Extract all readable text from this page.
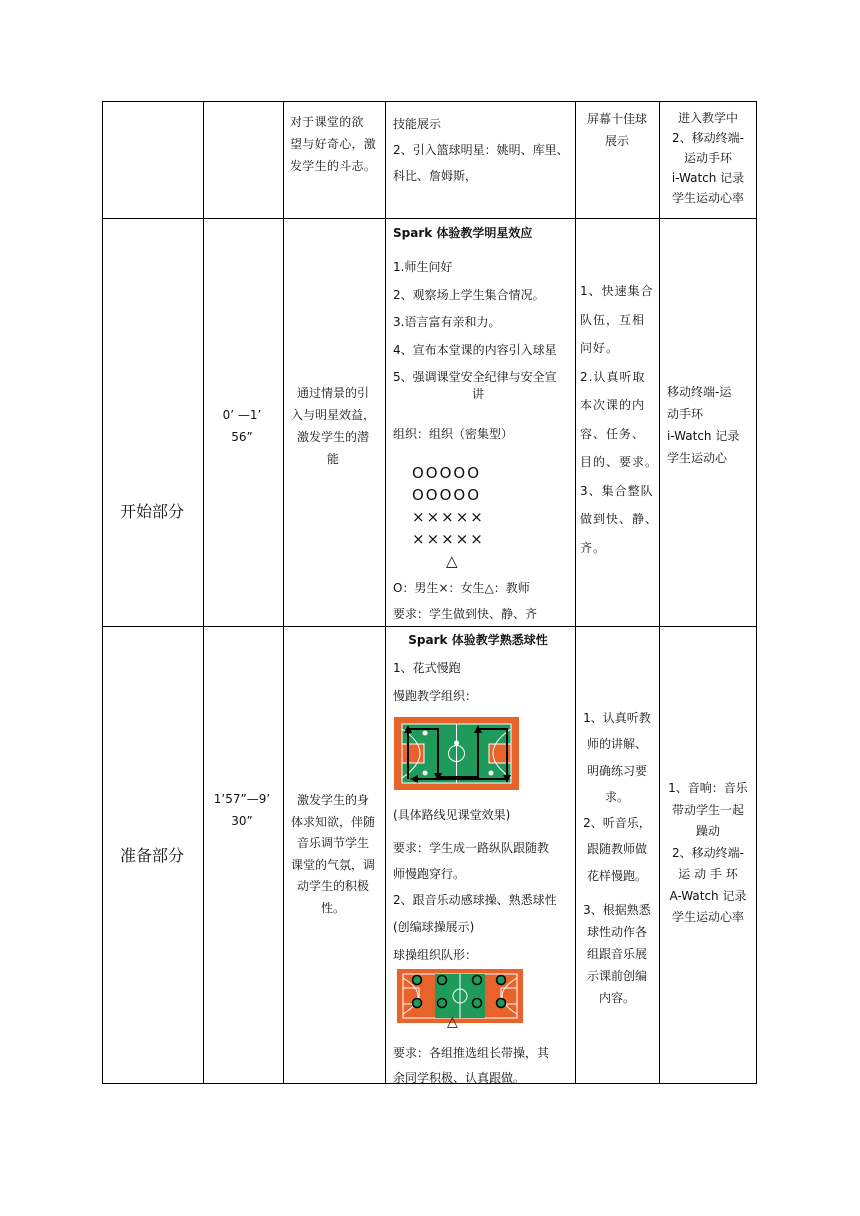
对于课堂的欲
望与好奇心，激
发学生的斗志。
技能展示
2、引入篮球明星：姚明、库里、
科比、詹姆斯，
屏幕十佳球
展示
进入教学中
2、移动终端-
运动手环
i-Watch 记录
学生运动心率
开始部分
0’ —1’
56”
通过情景的引
入与明星效益，
激发学生的潜
能
Spark 体验教学明星效应
1.师生问好
2、观察场上学生集合情况。
3.语言富有亲和力。
4、宣布本堂课的内容引入球星
5、强调课堂安全纪律与安全宣
讲
组织：组织（密集型）
OOOOO
OOOOO
×××××
×××××
△
O：男生×：女生△：教师
要求：学生做到快、静、齐
1、快速集合
队伍，互相
问好。
2.认真听取
本次课的内
容、任务、
目的、要求。
3、集合整队
做到快、静、
齐。
移动终端-运
动手环
i-Watch 记录
学生运动心
准备部分
1’57”—9’
30”
激发学生的身
体求知欲，伴随
音乐调节学生
课堂的气氛，调
动学生的积极
性。
Spark 体验教学熟悉球性
1、花式慢跑
慢跑教学组织：
(具体路线见课堂效果)
要求：学生成一路纵队跟随教
师慢跑穿行。
2、跟音乐动感球操、熟悉球性
(创编球操展示)
球操组织队形：
△
要求：各组推选组长带操，其
余同学积极、认真跟做。
1、认真听教
师的讲解、
明确练习要
求。
2、听音乐，
跟随教师做
花样慢跑。
3、根据熟悉
球性动作各
组跟音乐展
示课前创编
内容。
1、音响：音乐
带动学生一起
躁动
2、移动终端-
运 动 手 环
A-Watch 记录
学生运动心率
